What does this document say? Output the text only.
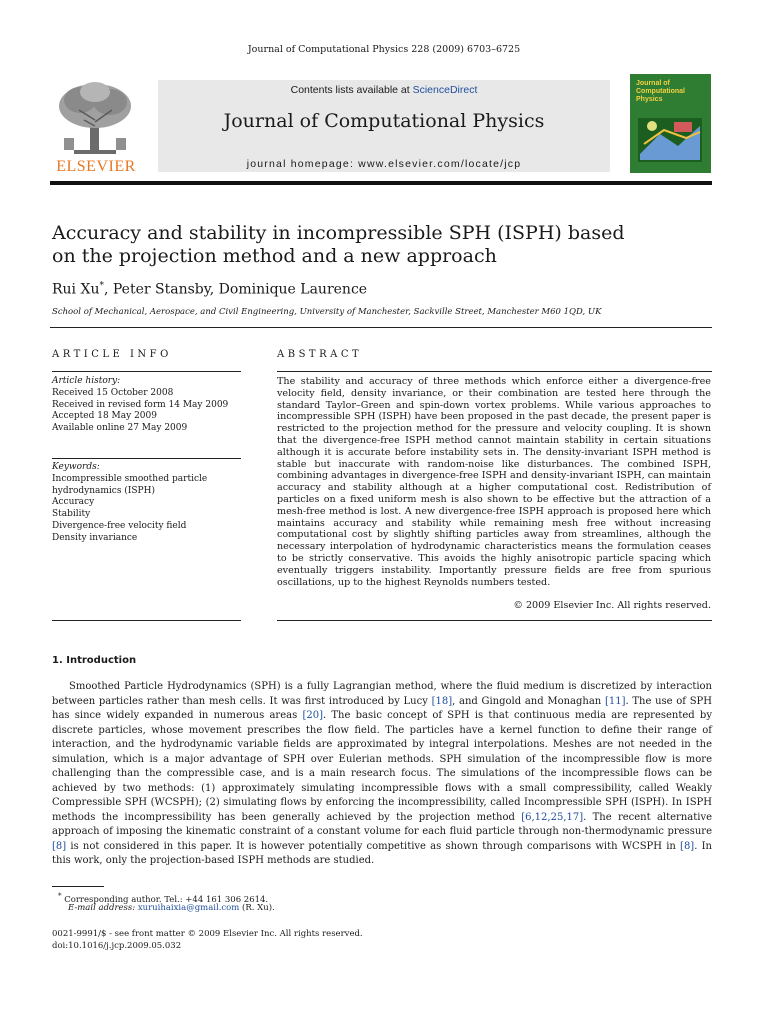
Journal of Computational Physics 228 (2009) 6703–6725
ELSEVIER
Contents lists available at ScienceDirect
Journal of Computational Physics
journal homepage: www.elsevier.com/locate/jcp
Journal of Computational Physics
Accuracy and stability in incompressible SPH (ISPH) based
on the projection method and a new approach
Rui Xu*, Peter Stansby, Dominique Laurence
School of Mechanical, Aerospace, and Civil Engineering, University of Manchester, Sackville Street, Manchester M60 1QD, UK
ARTICLE INFO	ABSTRACT
Article history:
Received 15 October 2008
Received in revised form 14 May 2009
Accepted 18 May 2009
Available online 27 May 2009
Keywords:
Incompressible smoothed particle
hydrodynamics (ISPH)
Accuracy
Stability
Divergence-free velocity field
Density invariance
The stability and accuracy of three methods which enforce either a divergence-free velocity field, density invariance, or their combination are tested here through the standard Taylor–Green and spin-down vortex problems. While various approaches to incompressible SPH (ISPH) have been proposed in the past decade, the present paper is restricted to the projection method for the pressure and velocity coupling. It is shown that the divergence-free ISPH method cannot maintain stability in certain situations although it is accurate before instability sets in. The density-invariant ISPH method is stable but inaccurate with random-noise like disturbances. The combined ISPH, combining advantages in divergence-free ISPH and density-invariant ISPH, can maintain accuracy and stability although at a higher computational cost. Redistribution of particles on a fixed uniform mesh is also shown to be effective but the attraction of a mesh-free method is lost. A new divergence-free ISPH approach is proposed here which maintains accuracy and stability while remaining mesh free without increasing computational cost by slightly shifting particles away from streamlines, although the necessary interpolation of hydrodynamic characteristics means the formulation ceases to be strictly conservative. This avoids the highly anisotropic particle spacing which eventually triggers instability. Importantly pressure fields are free from spurious oscillations, up to the highest Reynolds numbers tested.
© 2009 Elsevier Inc. All rights reserved.
1. Introduction
Smoothed Particle Hydrodynamics (SPH) is a fully Lagrangian method, where the fluid medium is discretized by interaction between particles rather than mesh cells. It was first introduced by Lucy [18], and Gingold and Monaghan [11]. The use of SPH has since widely expanded in numerous areas [20]. The basic concept of SPH is that continuous media are represented by discrete particles, whose movement prescribes the flow field. The particles have a kernel function to define their range of interaction, and the hydrodynamic variable fields are approximated by integral interpolations. Meshes are not needed in the simulation, which is a major advantage of SPH over Eulerian methods. SPH simulation of the incompressible flow is more challenging than the compressible case, and is a main research focus. The simulations of the incompressible flows can be achieved by two methods: (1) approximately simulating incompressible flows with a small compressibility, called Weakly Compressible SPH (WCSPH); (2) simulating flows by enforcing the incompressibility, called Incompressible SPH (ISPH). In ISPH methods the incompressibility has been generally achieved by the projection method [6,12,25,17]. The recent alternative approach of imposing the kinematic constraint of a constant volume for each fluid particle through non-thermodynamic pressure [8] is not considered in this paper. It is however potentially competitive as shown through comparisons with WCSPH in [8]. In this work, only the projection-based ISPH methods are studied.
* Corresponding author. Tel.: +44 161 306 2614.
E-mail address: xuruihaixia@gmail.com (R. Xu).
0021-9991/$ - see front matter © 2009 Elsevier Inc. All rights reserved.
doi:10.1016/j.jcp.2009.05.032
